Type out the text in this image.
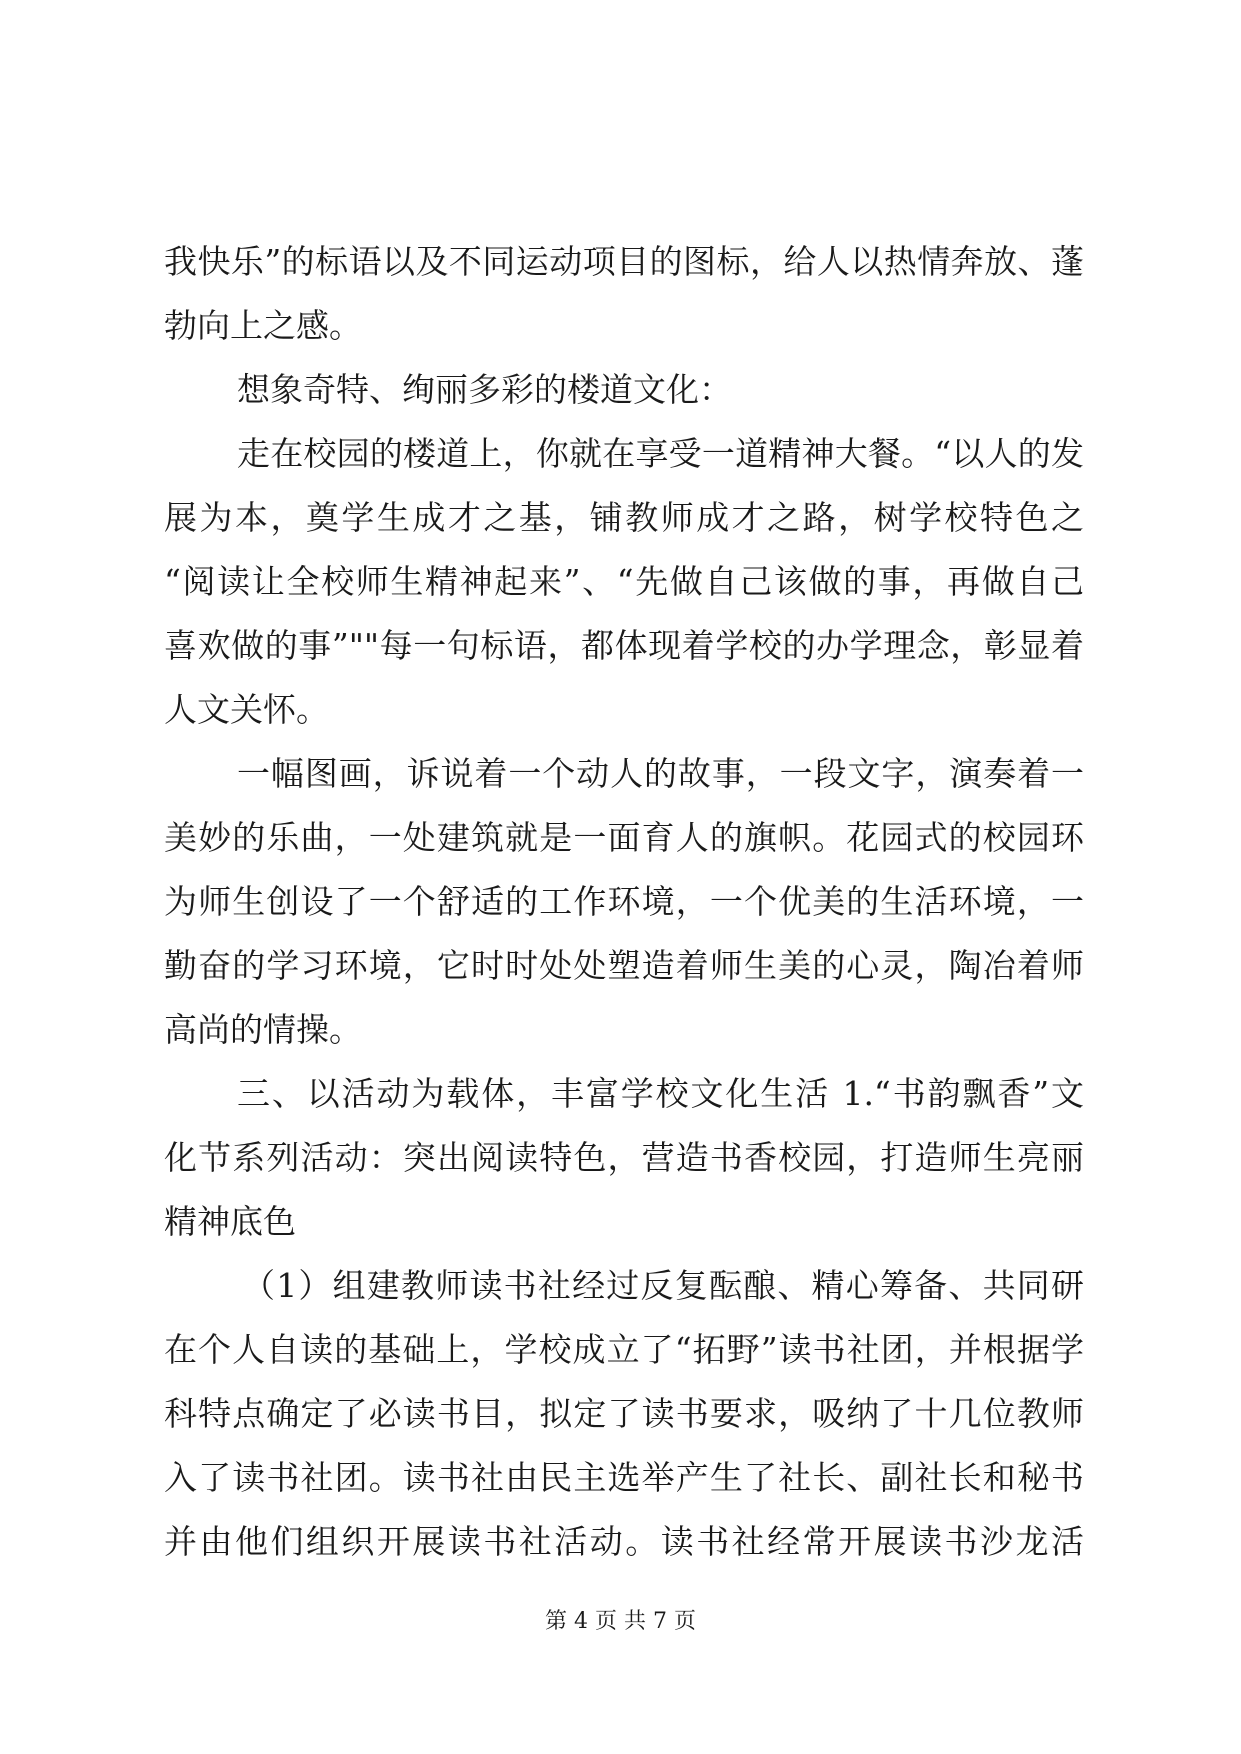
我快乐”的标语以及不同运动项目的图标，给人以热情奔放、蓬
勃向上之感。
想象奇特、绚丽多彩的楼道文化：
走在校园的楼道上，你就在享受一道精神大餐。“以人的发
展为本，奠学生成才之基，铺教师成才之路，树学校特色之
“阅读让全校师生精神起来”、“先做自己该做的事，再做自己
喜欢做的事”""每一句标语，都体现着学校的办学理念，彰显着
人文关怀。
一幅图画，诉说着一个动人的故事，一段文字，演奏着一
美妙的乐曲，一处建筑就是一面育人的旗帜。花园式的校园环
为师生创设了一个舒适的工作环境，一个优美的生活环境，一
勤奋的学习环境，它时时处处塑造着师生美的心灵，陶冶着师
高尚的情操。
三、以活动为载体，丰富学校文化生活 1.“书韵飘香”文
化节系列活动：突出阅读特色，营造书香校园，打造师生亮丽
精神底色
（1）组建教师读书社经过反复酝酿、精心筹备、共同研
在个人自读的基础上，学校成立了“拓野”读书社团，并根据学
科特点确定了必读书目，拟定了读书要求，吸纳了十几位教师
入了读书社团。读书社由民主选举产生了社长、副社长和秘书
并由他们组织开展读书社活动。读书社经常开展读书沙龙活
第 4 页 共 7 页
